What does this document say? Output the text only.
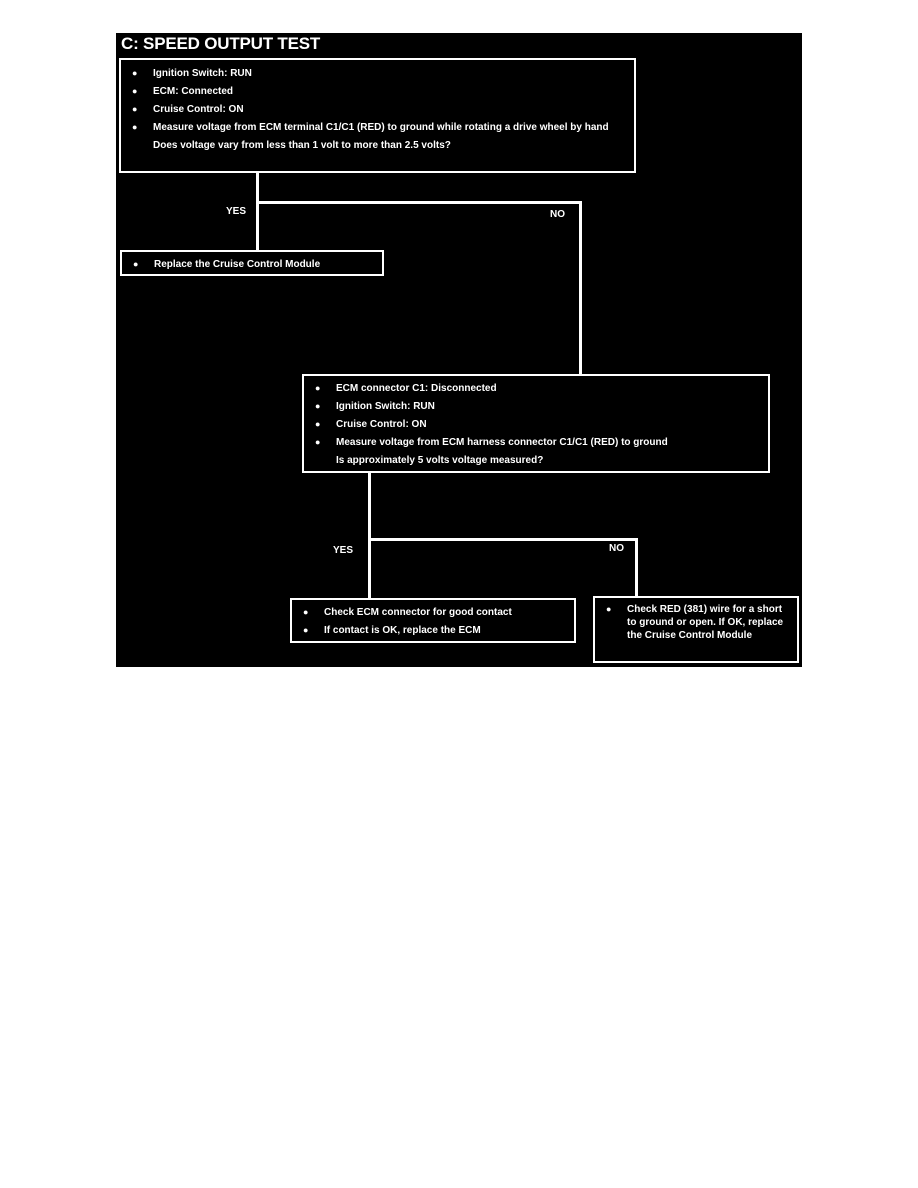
C: SPEED OUTPUT TEST
● Ignition Switch: RUN
● ECM: Connected
● Cruise Control: ON
● Measure voltage from ECM terminal C1/C1 (RED) to ground while rotating a drive wheel by hand
Does voltage vary from less than 1 volt to more than 2.5 volts?
YES	NO
● Replace the Cruise Control Module
● ECM connector C1: Disconnected
● Ignition Switch: RUN
● Cruise Control: ON
● Measure voltage from ECM harness connector C1/C1 (RED) to ground
Is approximately 5 volts voltage measured?
YES	NO
● Check ECM connector for good contact
● If contact is OK, replace the ECM
● Check RED (381) wire for a short to ground or open. If OK, replace the Cruise Control Module
